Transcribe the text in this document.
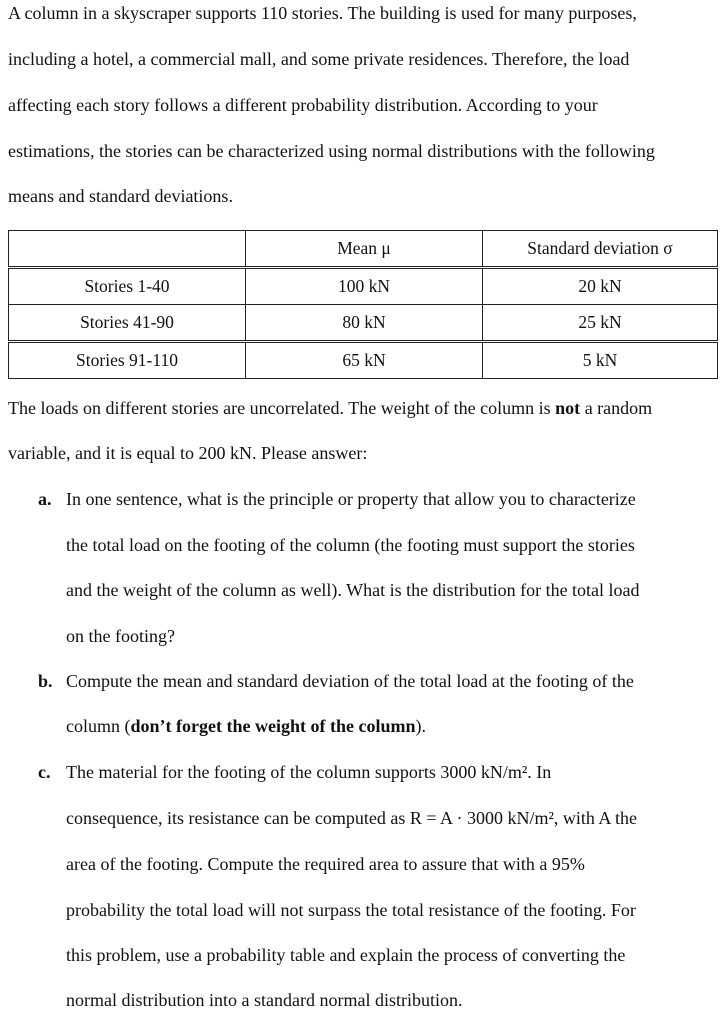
A column in a skyscraper supports 110 stories. The building is used for many purposes,
including a hotel, a commercial mall, and some private residences. Therefore, the load
affecting each story follows a different probability distribution. According to your
estimations, the stories can be characterized using normal distributions with the following
means and standard deviations.
	Mean μ	Standard deviation σ
Stories 1-40	100 kN	20 kN
Stories 41-90	80 kN	25 kN
Stories 91-110	65 kN	5 kN
The loads on different stories are uncorrelated. The weight of the column is not a random
variable, and it is equal to 200 kN. Please answer:
a. In one sentence, what is the principle or property that allow you to characterize
the total load on the footing of the column (the footing must support the stories
and the weight of the column as well). What is the distribution for the total load
on the footing?
b. Compute the mean and standard deviation of the total load at the footing of the
column (don’t forget the weight of the column).
c. The material for the footing of the column supports 3000 kN/m². In
consequence, its resistance can be computed as R = A · 3000 kN/m², with A the
area of the footing. Compute the required area to assure that with a 95%
probability the total load will not surpass the total resistance of the footing. For
this problem, use a probability table and explain the process of converting the
normal distribution into a standard normal distribution.
